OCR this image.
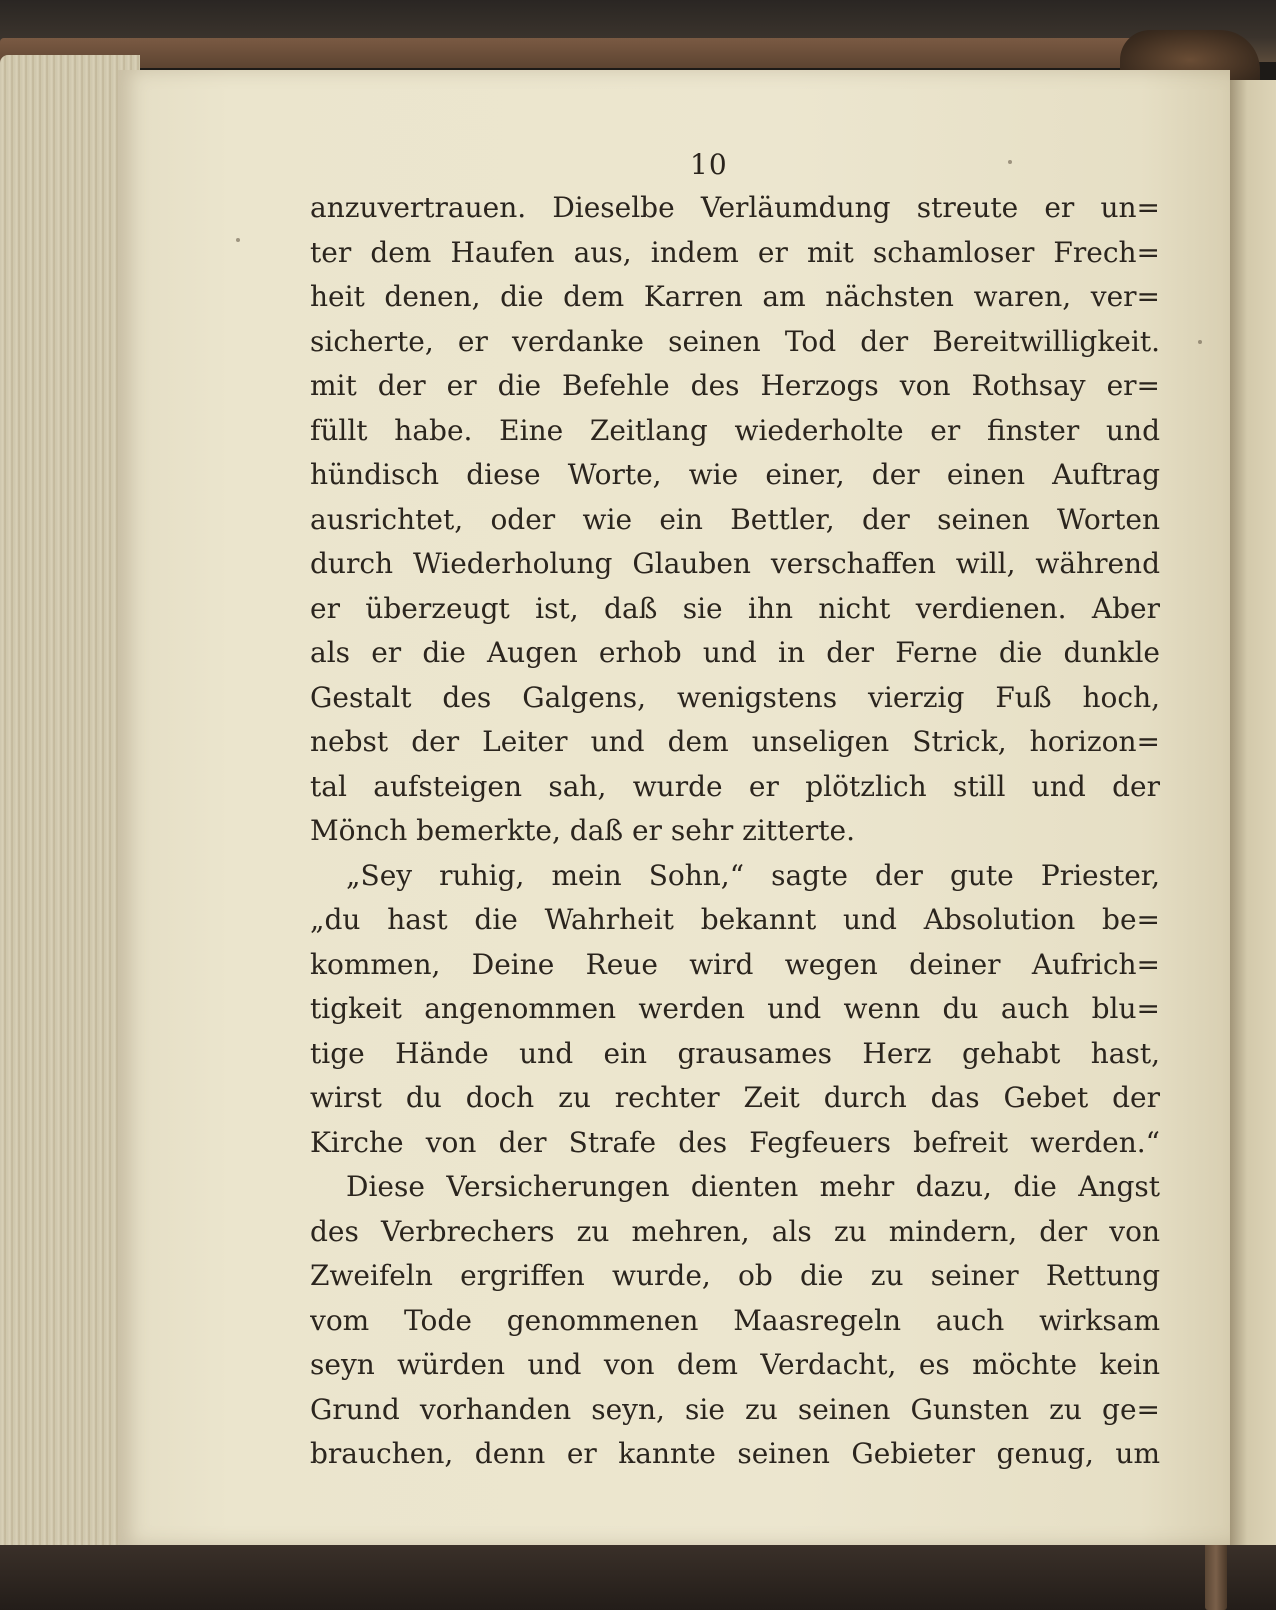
10
anzuvertrauen. Dieselbe Verläumdung streute er un=
ter dem Haufen aus, indem er mit schamloser Frech=
heit denen, die dem Karren am nächsten waren, ver=
sicherte, er verdanke seinen Tod der Bereitwilligkeit.
mit der er die Befehle des Herzogs von Rothsay er=
füllt habe. Eine Zeitlang wiederholte er finster und
hündisch diese Worte, wie einer, der einen Auftrag
ausrichtet, oder wie ein Bettler, der seinen Worten
durch Wiederholung Glauben verschaffen will, während
er überzeugt ist, daß sie ihn nicht verdienen. Aber
als er die Augen erhob und in der Ferne die dunkle
Gestalt des Galgens, wenigstens vierzig Fuß hoch,
nebst der Leiter und dem unseligen Strick, horizon=
tal aufsteigen sah, wurde er plötzlich still und der
Mönch bemerkte, daß er sehr zitterte.
„Sey ruhig, mein Sohn,“ sagte der gute Priester,
„du hast die Wahrheit bekannt und Absolution be=
kommen, Deine Reue wird wegen deiner Aufrich=
tigkeit angenommen werden und wenn du auch blu=
tige Hände und ein grausames Herz gehabt hast,
wirst du doch zu rechter Zeit durch das Gebet der
Kirche von der Strafe des Fegfeuers befreit werden.“
Diese Versicherungen dienten mehr dazu, die Angst
des Verbrechers zu mehren, als zu mindern, der von
Zweifeln ergriffen wurde, ob die zu seiner Rettung
vom Tode genommenen Maasregeln auch wirksam
seyn würden und von dem Verdacht, es möchte kein
Grund vorhanden seyn, sie zu seinen Gunsten zu ge=
brauchen, denn er kannte seinen Gebieter genug, um
